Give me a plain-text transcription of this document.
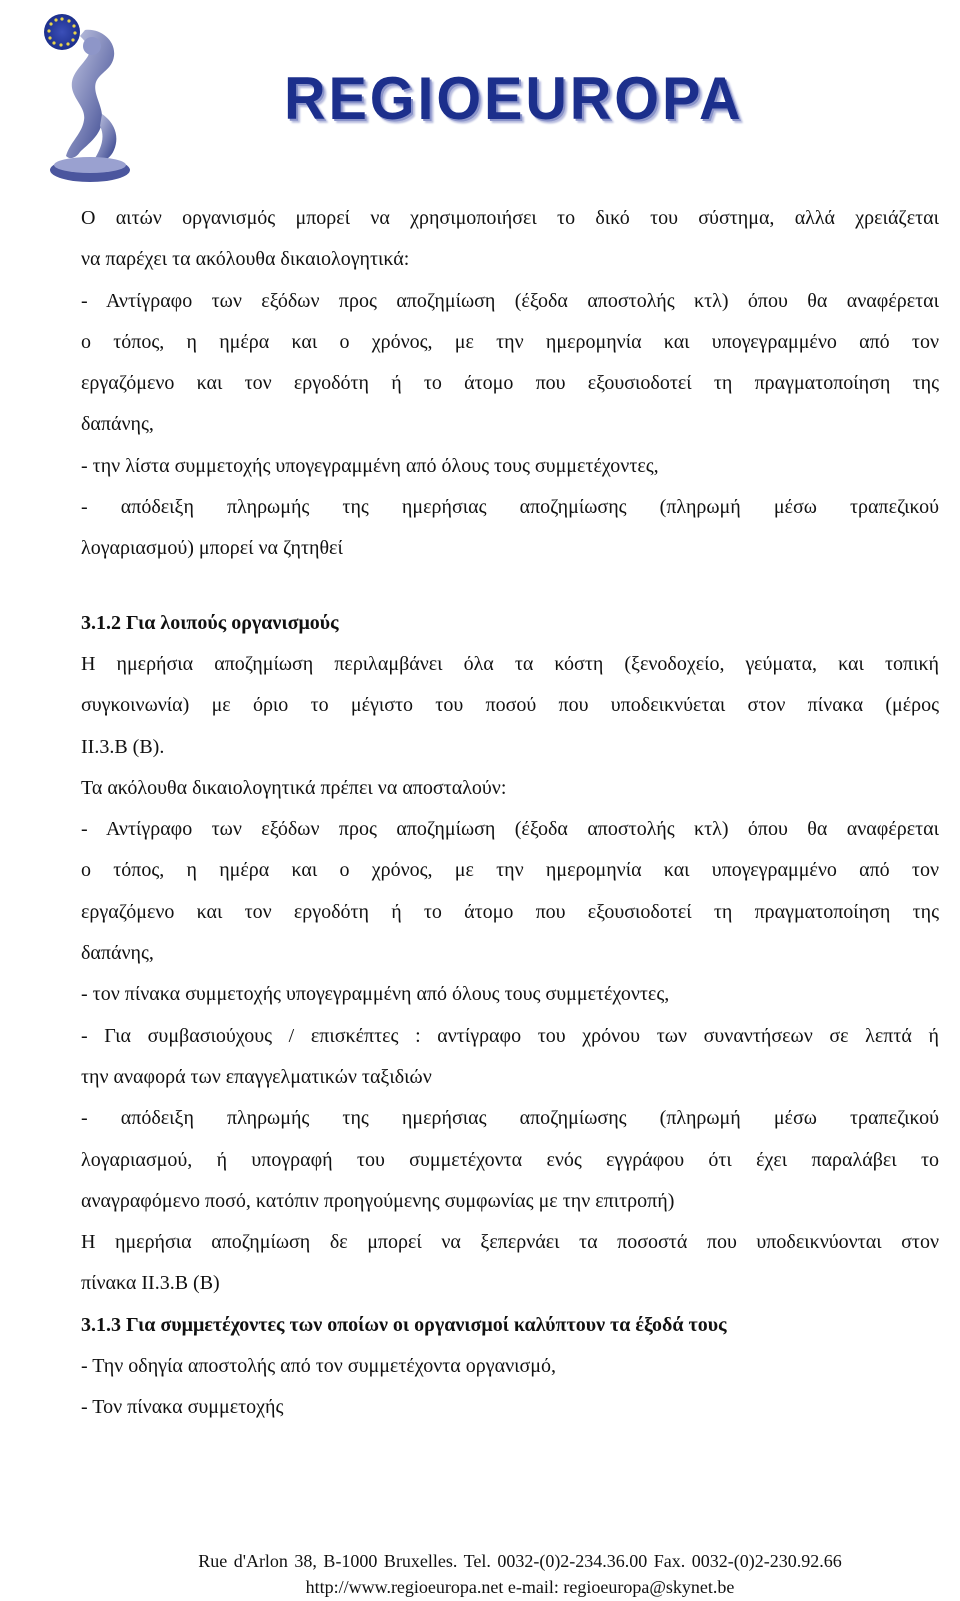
REGIOEUROPA
Ο αιτών οργανισμός μπορεί να χρησιμοποιήσει το δικό του σύστημα, αλλά χρειάζεται
να παρέχει τα ακόλουθα δικαιολογητικά:
- Αντίγραφο των εξόδων προς αποζημίωση (έξοδα αποστολής κτλ) όπου θα αναφέρεται
ο τόπος, η ημέρα και ο χρόνος, με την ημερομηνία και υπογεγραμμένο από τον
εργαζόμενο και τον εργοδότη ή το άτομο που εξουσιοδοτεί τη πραγματοποίηση της
δαπάνης,
- την λίστα συμμετοχής υπογεγραμμένη από όλους τους συμμετέχοντες,
- απόδειξη πληρωμής της ημερήσιας αποζημίωσης (πληρωμή μέσω τραπεζικού
λογαριασμού) μπορεί να ζητηθεί
3.1.2 Για λοιπούς οργανισμούς
Η ημερήσια αποζημίωση περιλαμβάνει όλα τα κόστη (ξενοδοχείο, γεύματα, και τοπική
συγκοινωνία) με όριο το μέγιστο του ποσού που υποδεικνύεται στον πίνακα (μέρος
II.3.B (B).
Τα ακόλουθα δικαιολογητικά πρέπει να αποσταλούν:
- Αντίγραφο των εξόδων προς αποζημίωση (έξοδα αποστολής κτλ) όπου θα αναφέρεται
ο τόπος, η ημέρα και ο χρόνος, με την ημερομηνία και υπογεγραμμένο από τον
εργαζόμενο και τον εργοδότη ή το άτομο που εξουσιοδοτεί τη πραγματοποίηση της
δαπάνης,
- τον πίνακα συμμετοχής υπογεγραμμένη από όλους τους συμμετέχοντες,
- Για συμβασιούχους / επισκέπτες : αντίγραφο του χρόνου των συναντήσεων σε λεπτά ή
την αναφορά των επαγγελματικών ταξιδιών
- απόδειξη πληρωμής της ημερήσιας αποζημίωσης (πληρωμή μέσω τραπεζικού
λογαριασμού, ή υπογραφή του συμμετέχοντα ενός εγγράφου ότι έχει παραλάβει το
αναγραφόμενο ποσό, κατόπιν προηγούμενης συμφωνίας με την επιτροπή)
Η ημερήσια αποζημίωση δε μπορεί να ξεπερνάει τα ποσοστά που υποδεικνύονται στον
πίνακα II.3.B (B)
3.1.3 Για συμμετέχοντες των οποίων οι οργανισμοί καλύπτουν τα έξοδά τους
- Την οδηγία αποστολής από τον συμμετέχοντα οργανισμό,
- Τον πίνακα συμμετοχής
Rue d'Arlon 38, B-1000 Bruxelles. Tel. 0032-(0)2-234.36.00 Fax. 0032-(0)2-230.92.66
http://www.regioeuropa.net e-mail: regioeuropa@skynet.be
